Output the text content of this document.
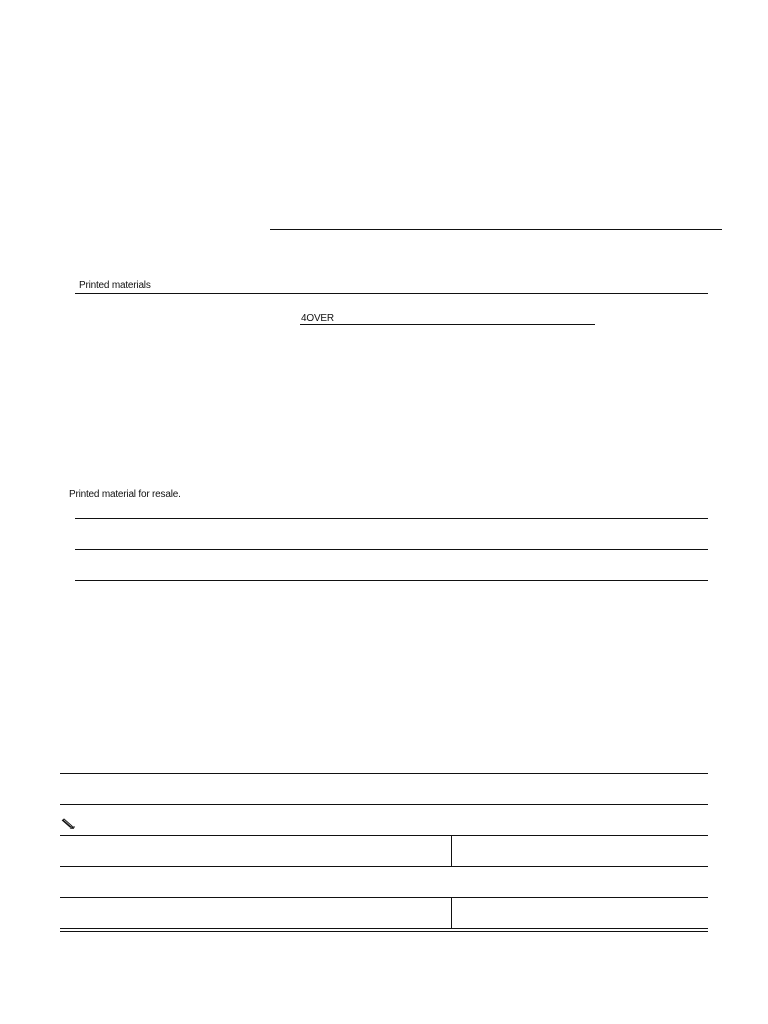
Printed materials
4OVER
Printed material for resale.
